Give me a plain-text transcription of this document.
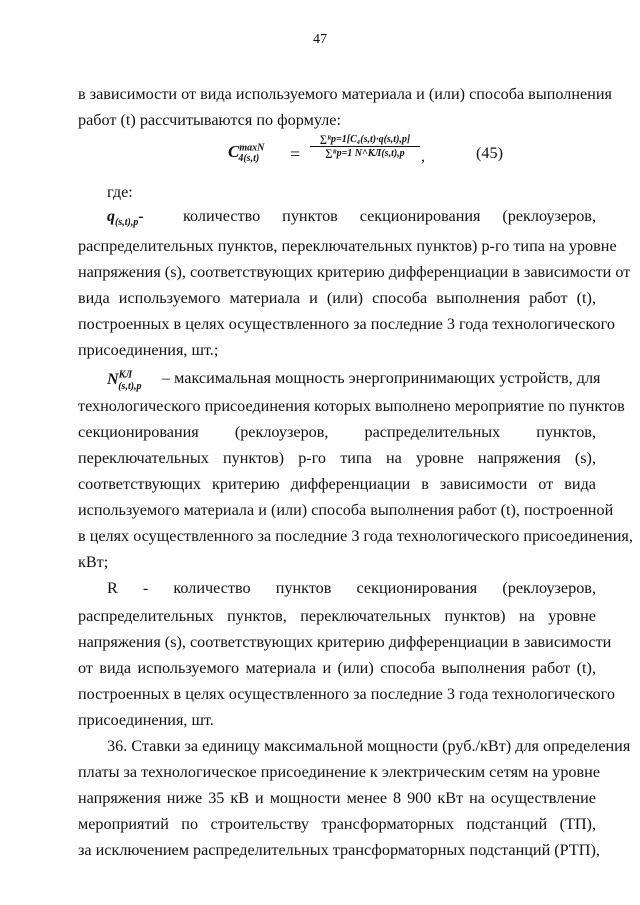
47
в зависимости от вида используемого материала и (или) способа выполнения
работ (t) рассчитываются по формуле:
$C^{maxN}_{4(s,t)}$ =
∑ᴿp=1[C₄(s,t)·q(s,t),p]
∑ᴿp=1 N^КЛ(s,t),p	,	(45)
где:
$q_{(s,t),p}-$ количество пунктов секционирования (реклоузеров,
распределительных пунктов, переключательных пунктов) р-го типа на уровне
напряжения (s), соответствующих критерию дифференциации в зависимости от
вида используемого материала и (или) способа выполнения работ (t),
построенных в целях осуществленного за последние 3 года технологического
присоединения, шт.;
$N^{КЛ}_{(s,t),p}$	– максимальная мощность энергопринимающих устройств, для
технологического присоединения которых выполнено мероприятие по пунктов
секционирования (реклоузеров, распределительных пунктов,
переключательных пунктов) р-го типа на уровне напряжения (s),
соответствующих критерию дифференциации в зависимости от вида
используемого материала и (или) способа выполнения работ (t), построенной
в целях осуществленного за последние 3 года технологического присоединения,
кВт;
R - количество пунктов секционирования (реклоузеров,
распределительных пунктов, переключательных пунктов) на уровне
напряжения (s), соответствующих критерию дифференциации в зависимости
от вида используемого материала и (или) способа выполнения работ (t),
построенных в целях осуществленного за последние 3 года технологического
присоединения, шт.
36. Ставки за единицу максимальной мощности (руб./кВт) для определения
платы за технологическое присоединение к электрическим сетям на уровне
напряжения ниже 35 кВ и мощности менее 8 900 кВт на осуществление
мероприятий по строительству трансформаторных подстанций (ТП),
за исключением распределительных трансформаторных подстанций (РТП),
